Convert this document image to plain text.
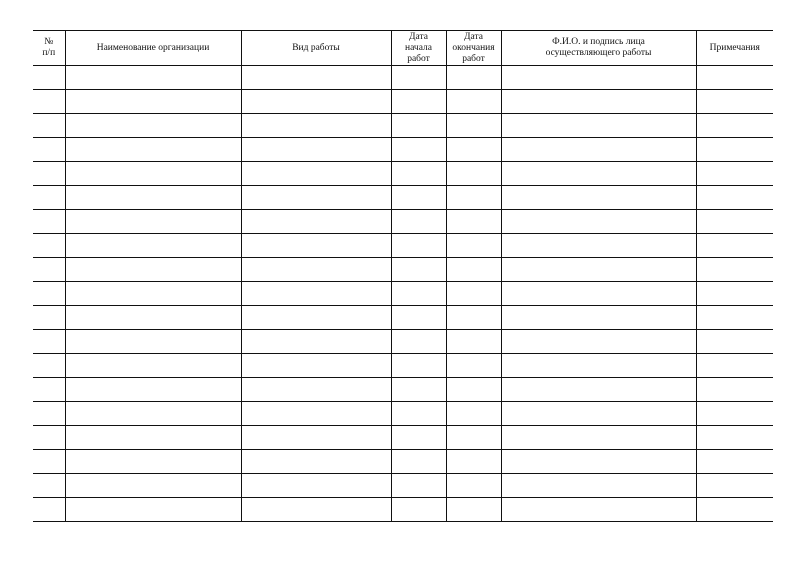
№
п/п	Наименование организации	Вид работы	Дата
начала
работ	Дата
окончания
работ	Ф.И.О. и подпись лица
осуществляющего работы	Примечания
